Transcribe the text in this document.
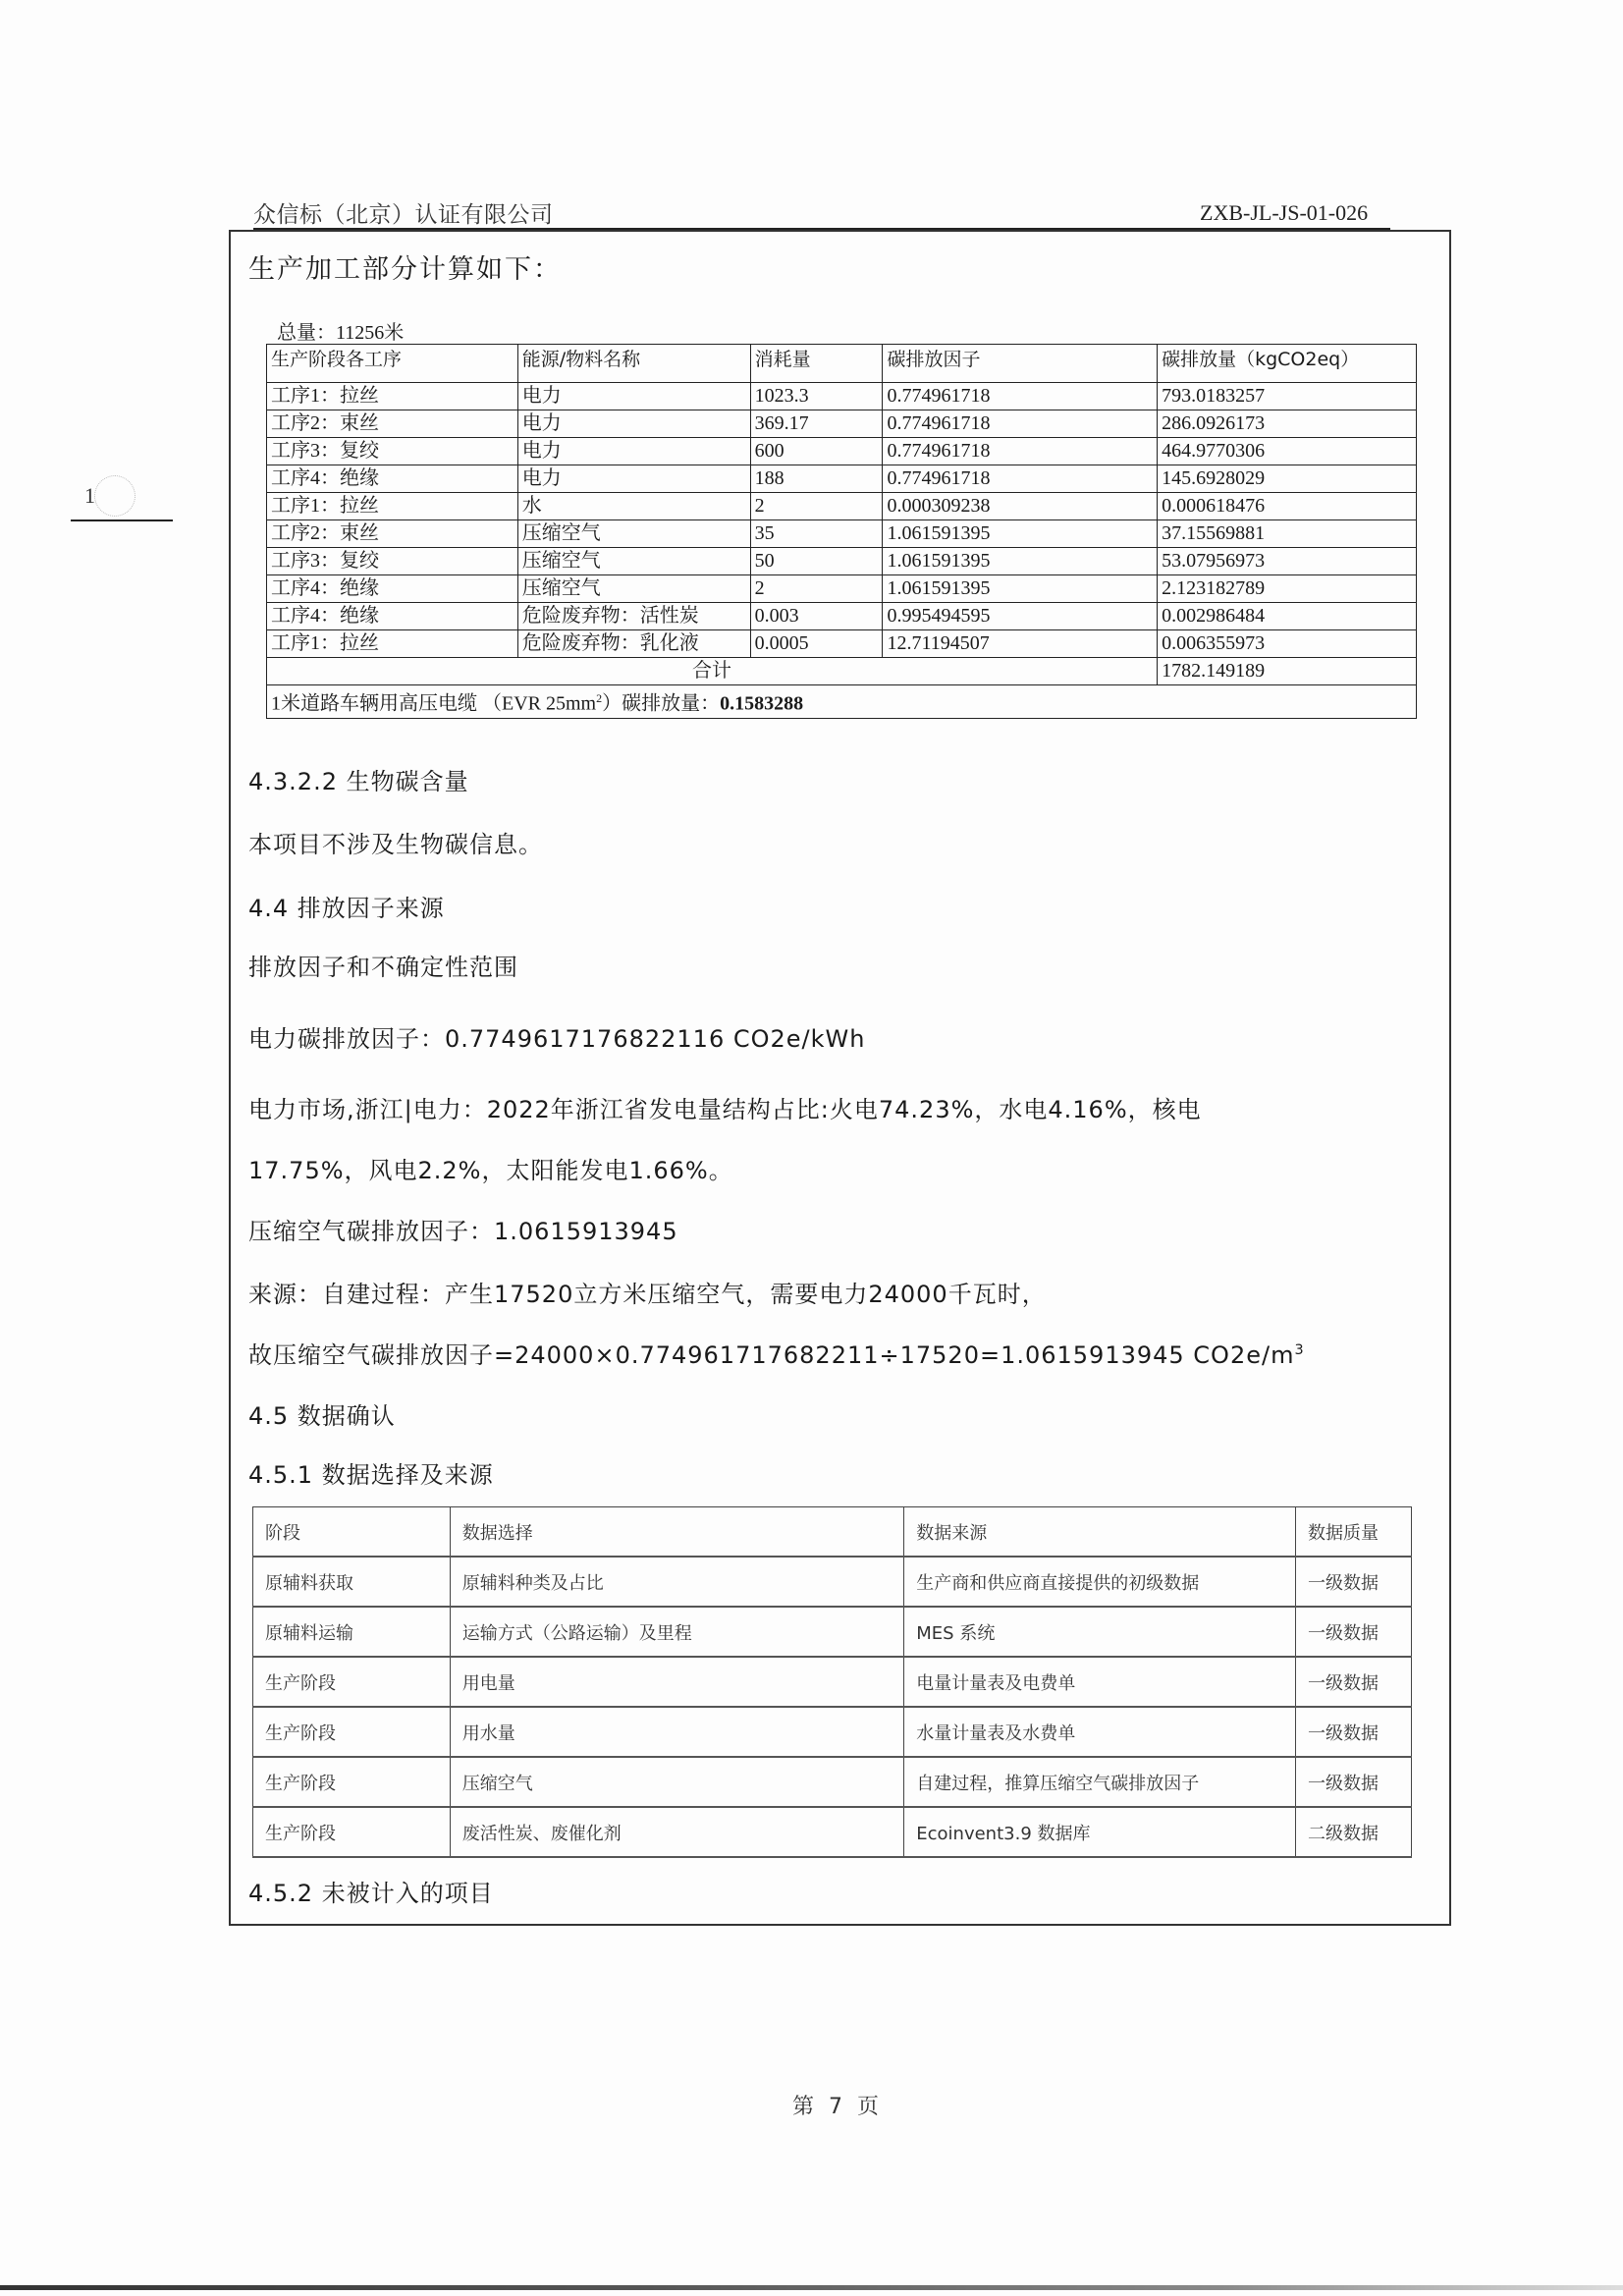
众信标（北京）认证有限公司	ZXB-JL-JS-01-026
1
生产加工部分计算如下：
总量：11256米
生产阶段各工序	能源/物料名称	消耗量	碳排放因子	碳排放量（kgCO2eq）
工序1：拉丝	电力	1023.3	0.774961718	793.0183257
工序2：束丝	电力	369.17	0.774961718	286.0926173
工序3：复绞	电力	600	0.774961718	464.9770306
工序4：绝缘	电力	188	0.774961718	145.6928029
工序1：拉丝	水	2	0.000309238	0.000618476
工序2：束丝	压缩空气	35	1.061591395	37.15569881
工序3：复绞	压缩空气	50	1.061591395	53.07956973
工序4：绝缘	压缩空气	2	1.061591395	2.123182789
工序4：绝缘	危险废弃物：活性炭	0.003	0.995494595	0.002986484
工序1：拉丝	危险废弃物：乳化液	0.0005	12.71194507	0.006355973
合计				1782.149189
1米道路车辆用高压电缆 （EVR $25mm^2$）碳排放量：0.1583288				
4.3.2.2 生物碳含量
本项目不涉及生物碳信息。
4.4 排放因子来源
排放因子和不确定性范围
电力碳排放因子：0.7749617176822116 CO2e/kWh
电力市场,浙江|电力：2022年浙江省发电量结构占比:火电74.23%，水电4.16%，核电
17.75%，风电2.2%，太阳能发电1.66%。
压缩空气碳排放因子：1.0615913945
来源：自建过程：产生17520立方米压缩空气，需要电力24000千瓦时，
故压缩空气碳排放因子=24000×0.774961717682211÷17520=1.0615913945 $CO2e/m^3$
4.5 数据确认
4.5.1 数据选择及来源
阶段	数据选择	数据来源	数据质量
原辅料获取	原辅料种类及占比	生产商和供应商直接提供的初级数据	一级数据
原辅料运输	运输方式（公路运输）及里程	MES 系统	一级数据
生产阶段	用电量	电量计量表及电费单	一级数据
生产阶段	用水量	水量计量表及水费单	一级数据
生产阶段	压缩空气	自建过程，推算压缩空气碳排放因子	一级数据
生产阶段	废活性炭、废催化剂	Ecoinvent3.9 数据库	二级数据
4.5.2 未被计入的项目
第 7 页
